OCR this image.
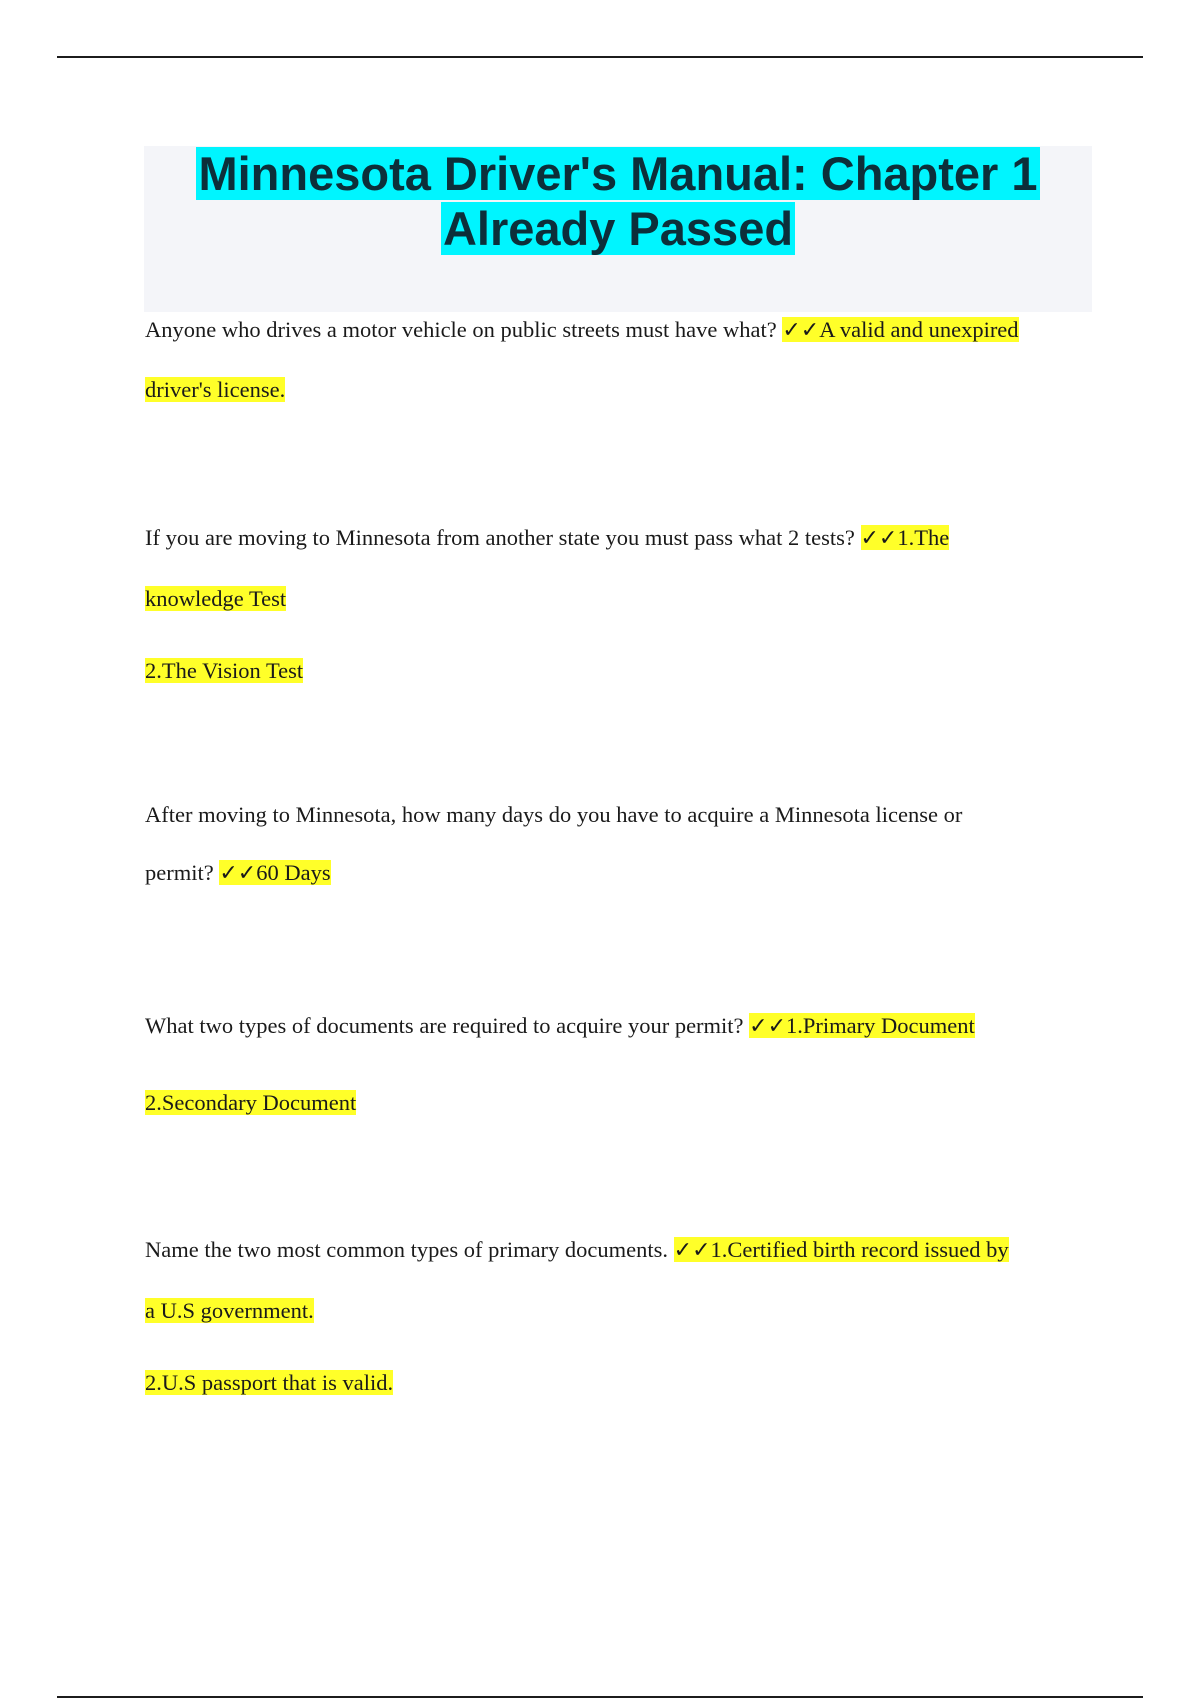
Minnesota Driver's Manual: Chapter 1
Already Passed
Anyone who drives a motor vehicle on public streets must have what? ✓✓A valid and unexpired
driver's license.
If you are moving to Minnesota from another state you must pass what 2 tests? ✓✓1.The
knowledge Test
2.The Vision Test
After moving to Minnesota, how many days do you have to acquire a Minnesota license or
permit? ✓✓60 Days
What two types of documents are required to acquire your permit? ✓✓1.Primary Document
2.Secondary Document
Name the two most common types of primary documents. ✓✓1.Certified birth record issued by
a U.S government.
2.U.S passport that is valid.
